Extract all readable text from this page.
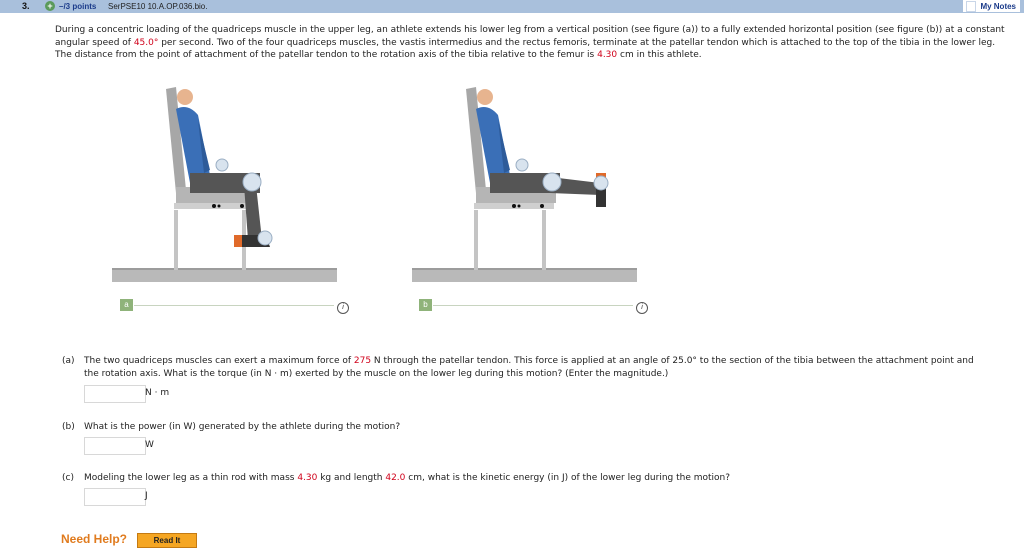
3. + –/3 points SerPSE10 10.A.OP.036.bio.	My Notes
During a concentric loading of the quadriceps muscle in the upper leg, an athlete extends his lower leg from a vertical position (see figure (a)) to a fully extended horizontal position (see figure (b)) at a constant angular speed of 45.0° per second. Two of the four quadriceps muscles, the vastis intermedius and the rectus femoris, terminate at the patellar tendon which is attached to the top of the tibia in the lower leg. The distance from the point of attachment of the patellar tendon to the rotation axis of the tibia relative to the femur is 4.30 cm in this athlete.
a	i	b	i
(a) The two quadriceps muscles can exert a maximum force of 275 N through the patellar tendon. This force is applied at an angle of 25.0° to the section of the tibia between the attachment point and the rotation axis. What is the torque (in N · m) exerted by the muscle on the lower leg during this motion? (Enter the magnitude.)
N · m
(b) What is the power (in W) generated by the athlete during the motion?
W
(c) Modeling the lower leg as a thin rod with mass 4.30 kg and length 42.0 cm, what is the kinetic energy (in J) of the lower leg during the motion?
J
Need Help?	Read It
